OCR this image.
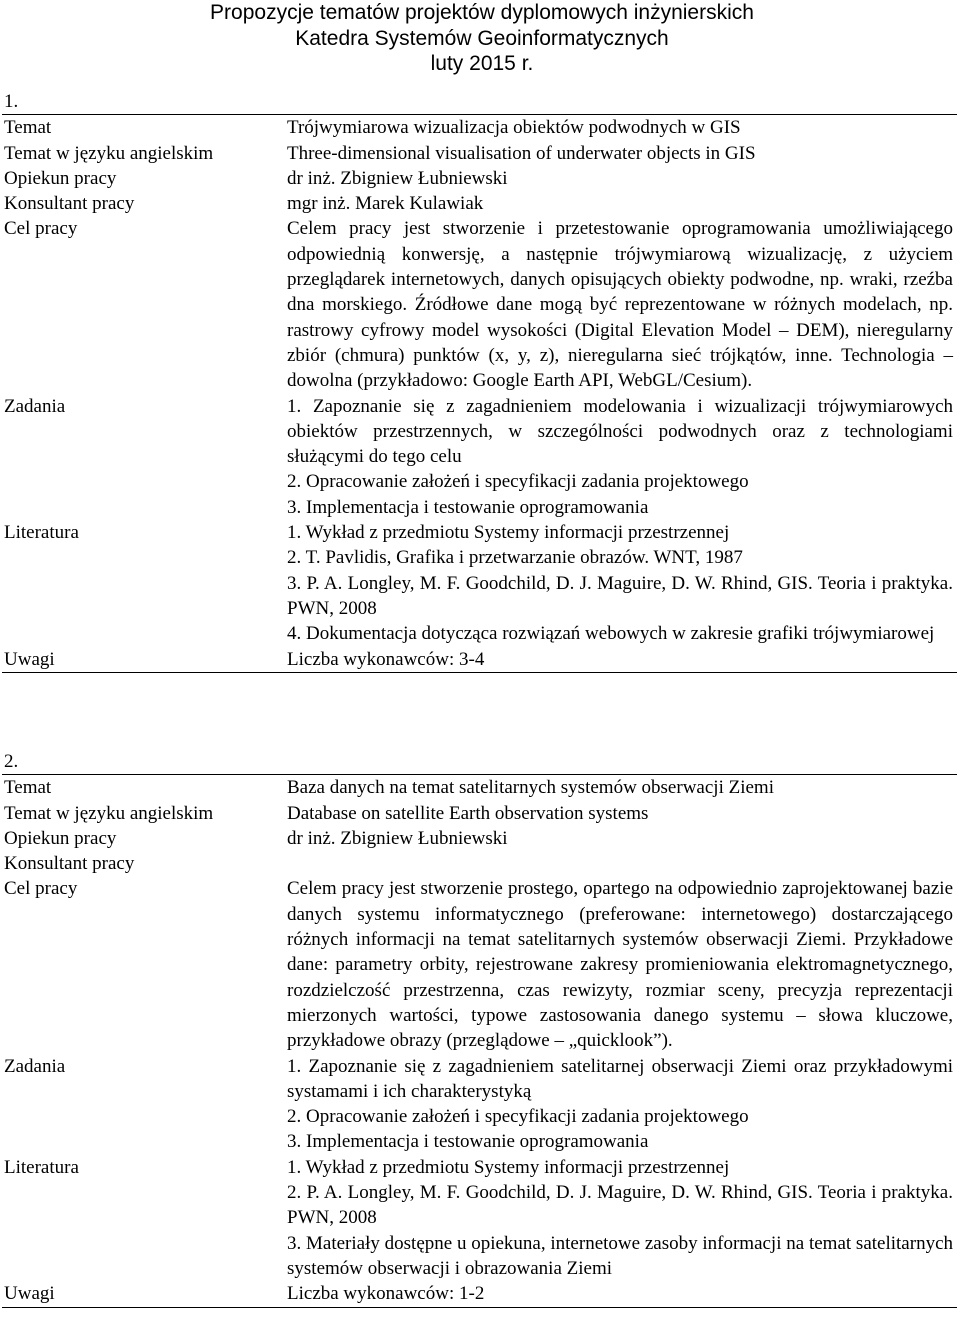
Propozycje tematów projektów dyplomowych inżynierskich
Katedra Systemów Geoinformatycznych
luty 2015 r.
1.
Temat	Trójwymiarowa wizualizacja obiektów podwodnych w GIS
Temat w języku angielskim	Three-dimensional visualisation of underwater objects in GIS
Opiekun pracy	dr inż. Zbigniew Łubniewski
Konsultant pracy	mgr inż. Marek Kulawiak
Cel pracy	Celem pracy jest stworzenie i przetestowanie oprogramowania umożliwiającego odpowiednią konwersję, a następnie trójwymiarową wizualizację, z użyciem przeglądarek internetowych, danych opisujących obiekty podwodne, np. wraki, rzeźba dna morskiego. Źródłowe dane mogą być reprezentowane w różnych modelach, np. rastrowy cyfrowy model wysokości (Digital Elevation Model – DEM), nieregularny zbiór (chmura) punktów (x, y, z), nieregularna sieć trójkątów, inne. Technologia – dowolna (przykładowo: Google Earth API, WebGL/Cesium).
Zadania	1. Zapoznanie się z zagadnieniem modelowania i wizualizacji trójwymiarowych obiektów przestrzennych, w szczególności podwodnych oraz z technologiami służącymi do tego celu
2. Opracowanie założeń i specyfikacji zadania projektowego
3. Implementacja i testowanie oprogramowania

Literatura	1. Wykład z przedmiotu Systemy informacji przestrzennej
2. T. Pavlidis, Grafika i przetwarzanie obrazów. WNT, 1987
3. P. A. Longley, M. F. Goodchild, D. J. Maguire, D. W. Rhind, GIS. Teoria i praktyka. PWN, 2008
4. Dokumentacja dotycząca rozwiązań webowych w zakresie grafiki trójwymiarowej

Uwagi	Liczba wykonawców: 3-4
2.
Temat	Baza danych na temat satelitarnych systemów obserwacji Ziemi
Temat w języku angielskim	Database on satellite Earth observation systems
Opiekun pracy	dr inż. Zbigniew Łubniewski
Konsultant pracy	

Cel pracy	Celem pracy jest stworzenie prostego, opartego na odpowiednio zaprojektowanej bazie danych systemu informatycznego (preferowane: internetowego) dostarczającego różnych informacji na temat satelitarnych systemów obserwacji Ziemi. Przykładowe dane: parametry orbity, rejestrowane zakresy promieniowania elektromagnetycznego, rozdzielczość przestrzenna, czas rewizyty, rozmiar sceny, precyzja reprezentacji mierzonych wartości, typowe zastosowania danego systemu – słowa kluczowe, przykładowe obrazy (przeglądowe – „quicklook”).
Zadania	1. Zapoznanie się z zagadnieniem satelitarnej obserwacji Ziemi oraz przykładowymi systamami i ich charakterystyką
2. Opracowanie założeń i specyfikacji zadania projektowego
3. Implementacja i testowanie oprogramowania

Literatura	1. Wykład z przedmiotu Systemy informacji przestrzennej
2. P. A. Longley, M. F. Goodchild, D. J. Maguire, D. W. Rhind, GIS. Teoria i praktyka. PWN, 2008
3. Materiały dostępne u opiekuna, internetowe zasoby informacji na temat satelitarnych systemów obserwacji i obrazowania Ziemi

Uwagi	Liczba wykonawców: 1-2
